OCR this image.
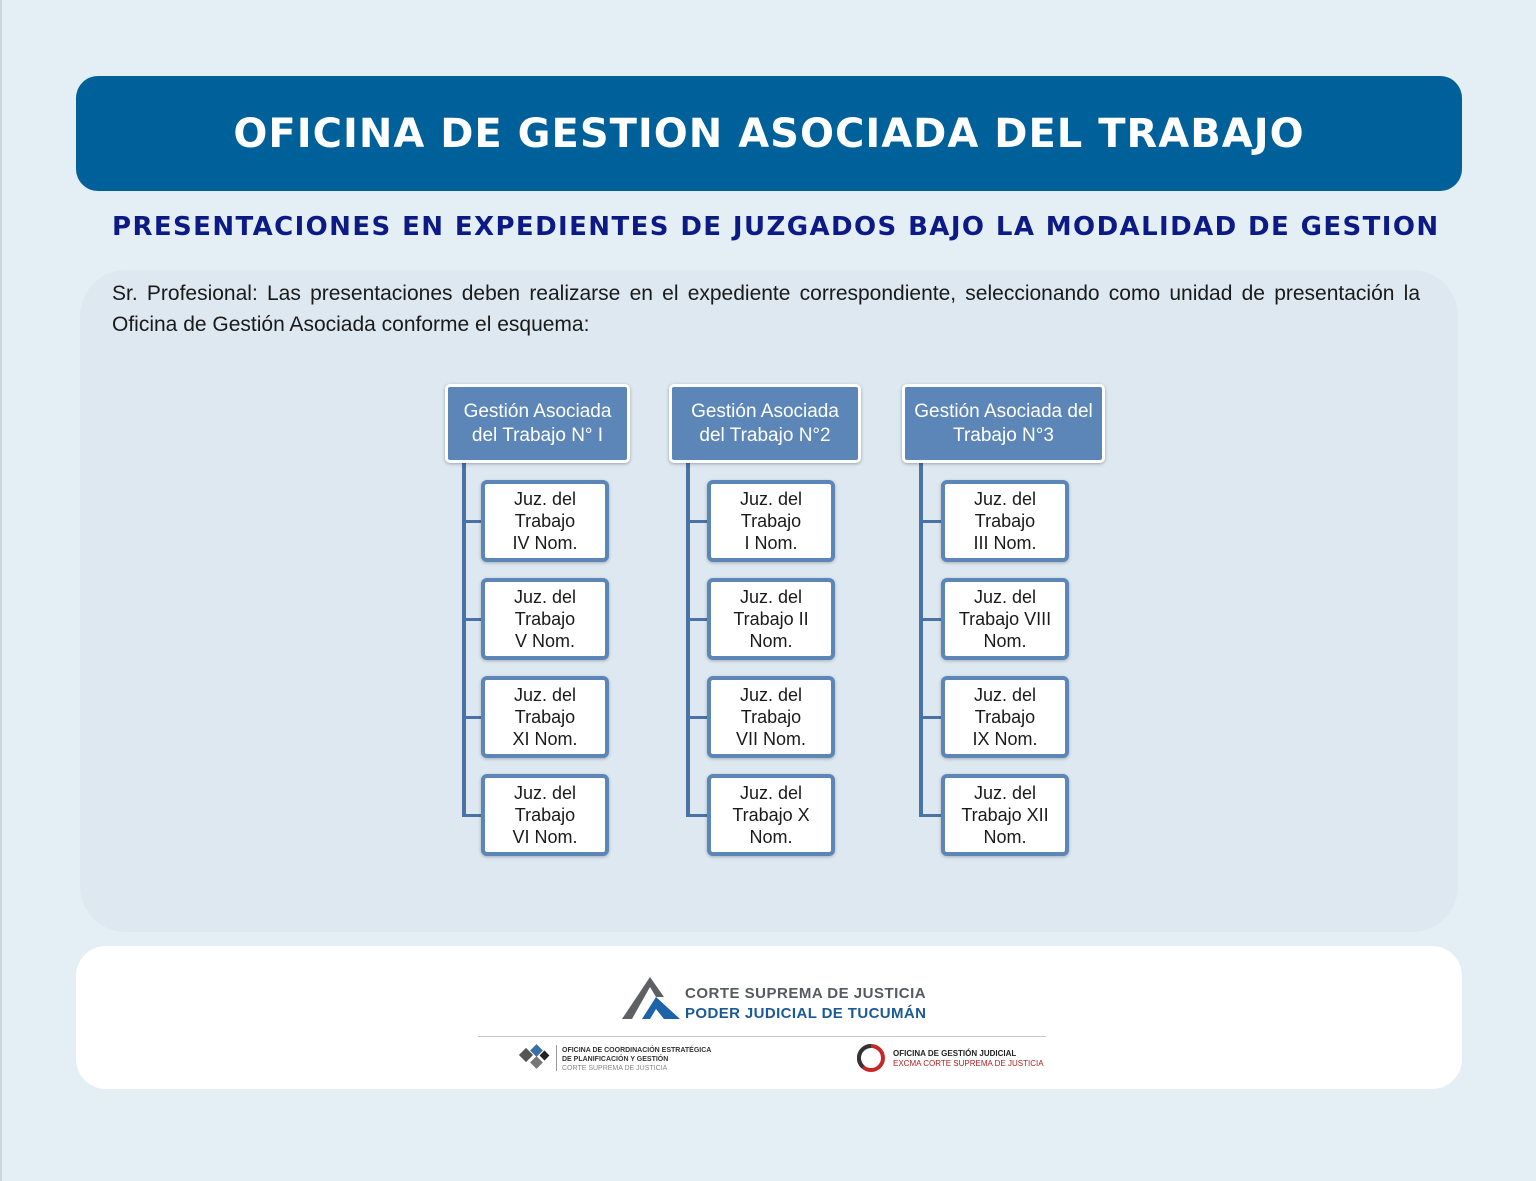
OFICINA DE GESTION ASOCIADA DEL TRABAJO
PRESENTACIONES EN EXPEDIENTES DE JUZGADOS BAJO LA MODALIDAD DE GESTION

Sr. Profesional: Las presentaciones deben realizarse en el expediente correspondiente, seleccionando como unidad de presentación la Oficina de Gestión Asociada conforme el esquema:

Gestión Asociada del Trabajo N° I
Juz. del
Trabajo
IV Nom.
Juz. del
Trabajo
V Nom.
Juz. del
Trabajo
XI Nom.
Juz. del
Trabajo
VI Nom.
Gestión Asociada del Trabajo N°2
Juz. del
Trabajo
I Nom.
Juz. del
Trabajo II
Nom.
Juz. del
Trabajo
VII Nom.
Juz. del
Trabajo X
Nom.
Gestión Asociada del Trabajo N°3
Juz. del
Trabajo
III Nom.
Juz. del
Trabajo VIII
Nom.
Juz. del
Trabajo
IX Nom.
Juz. del
Trabajo XII
Nom.
CORTE SUPREMA DE JUSTICIA
PODER JUDICIAL DE TUCUMÁN
OFICINA DE COORDINACIÓN ESTRATÉGICA
DE PLANIFICACIÓN Y GESTIÓN
CORTE SUPREMA DE JUSTICIA
OFICINA DE GESTIÓN JUDICIAL
EXCMA CORTE SUPREMA DE JUSTICIA
